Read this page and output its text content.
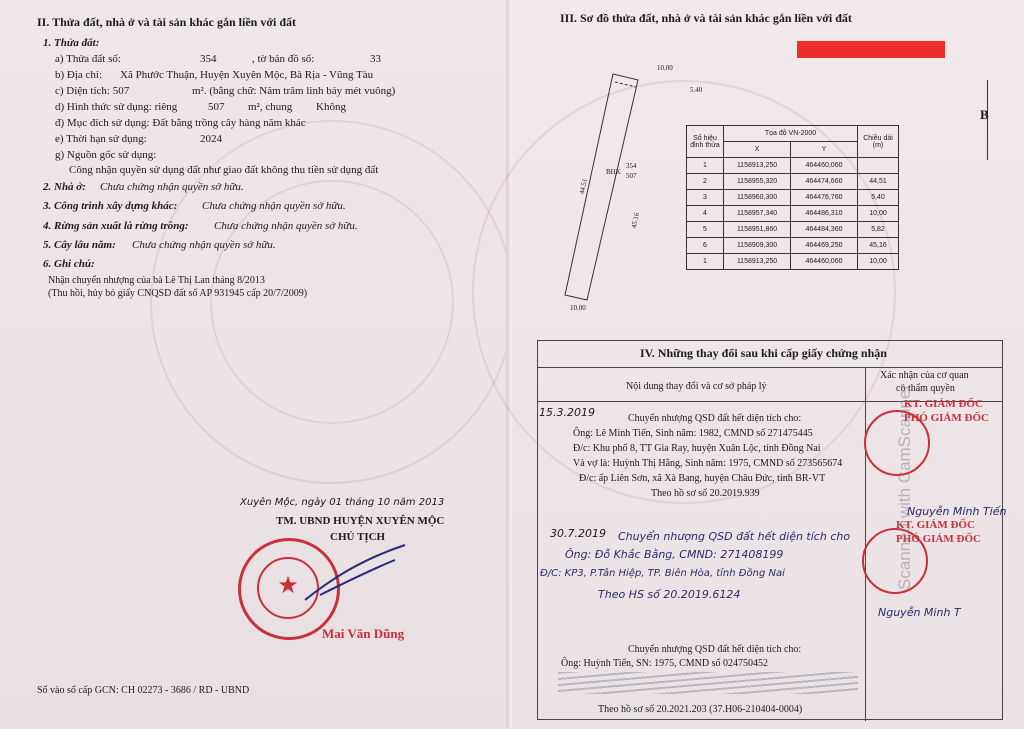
II. Thửa đất, nhà ở và tài sản khác gắn liền với đất
1. Thửa đất:
a) Thửa đất số:	354	, tờ bản đồ số:	33
b) Địa chỉ: Xã Phước Thuận, Huyện Xuyên Mộc, Bà Rịa - Vũng Tàu
c) Diện tích: 507	m². (bằng chữ: Năm trăm linh bảy mét vuông)
d) Hình thức sử dụng: riêng	507 m², chung Không
đ) Mục đích sử dụng: Đất bằng trồng cây hàng năm khác
e) Thời hạn sử dụng:	2024
g) Nguồn gốc sử dụng:
Công nhận quyền sử dụng đất như giao đất không thu tiền sử dụng đất
2. Nhà ở: Chưa chứng nhận quyền sở hữu.
3. Công trình xây dựng khác: Chưa chứng nhận quyền sở hữu.
4. Rừng sản xuất là rừng trồng: Chưa chứng nhận quyền sở hữu.
5. Cây lâu năm: Chưa chứng nhận quyền sở hữu.
6. Ghi chú:
Nhận chuyển nhượng của bà Lê Thị Lan tháng 8/2013
(Thu hồi, hủy bỏ giấy CNQSD đất số AP 931945 cấp 20/7/2009)
Xuyên Mộc, ngày 01 tháng 10 năm 2013
TM. UBND HUYỆN XUYÊN MỘC
CHỦ TỊCH
★
Mai Văn Dũng
Số vào sổ cấp GCN: CH 02273 - 3686 / RD - UBND
III. Sơ đồ thửa đất, nhà ở và tài sản khác gắn liền với đất
B
10.00
5.40
44.51
45.16
10.00
BHK
354
507
Số hiệu đỉnh thửa	Tọa độ VN-2000		Chiều dài (m)
	X	Y	
1	1158913,250	464460,060	
2	1158955,320	464474,660	44,51
3	1158960,300	464476,760	5,40
4	1158957,340	464486,310	10,00
5	1158951,860	464484,360	5,82
6	1158909,300	464469,250	45,16
1	1158913,250	464460,060	10,00
IV. Những thay đổi sau khi cấp giấy chứng nhận
Nội dung thay đổi và cơ sở pháp lý
Xác nhận của cơ quan
có thẩm quyền
15.3.2019	Chuyển nhượng QSD đất hết diện tích cho:
Ông: Lê Minh Tiến, Sinh năm: 1982, CMND số 271475445
Đ/c: Khu phố 8, TT Gia Ray, huyện Xuân Lộc, tỉnh Đồng Nai
Và vợ là: Huỳnh Thị Hằng, Sinh năm: 1975, CMND số 273565674
Đ/c: ấp Liên Sơn, xã Xà Bang, huyện Châu Đức, tỉnh BR-VT
Theo hồ sơ số 20.2019.939
30.7.2019 Chuyển nhượng QSD đất hết diện tích cho
Ông: Đỗ Khắc Bằng, CMND: 271408199
Đ/C: KP3, P.Tân Hiệp, TP. Biên Hòa, tỉnh Đồng Nai
Theo HS số 20.2019.6124
Chuyển nhượng QSD đất hết diện tích cho:
Ông: Huỳnh Tiến, SN: 1975, CMND số 024750452
Theo hồ sơ số 20.2021.203 (37.H06-210404-0004)
KT. GIÁM ĐỐC
PHÓ GIÁM ĐỐC
Nguyễn Minh Tiến
KT. GIÁM ĐỐC
PHÓ GIÁM ĐỐC
Nguyễn Minh T
Scanned with CamScanner
